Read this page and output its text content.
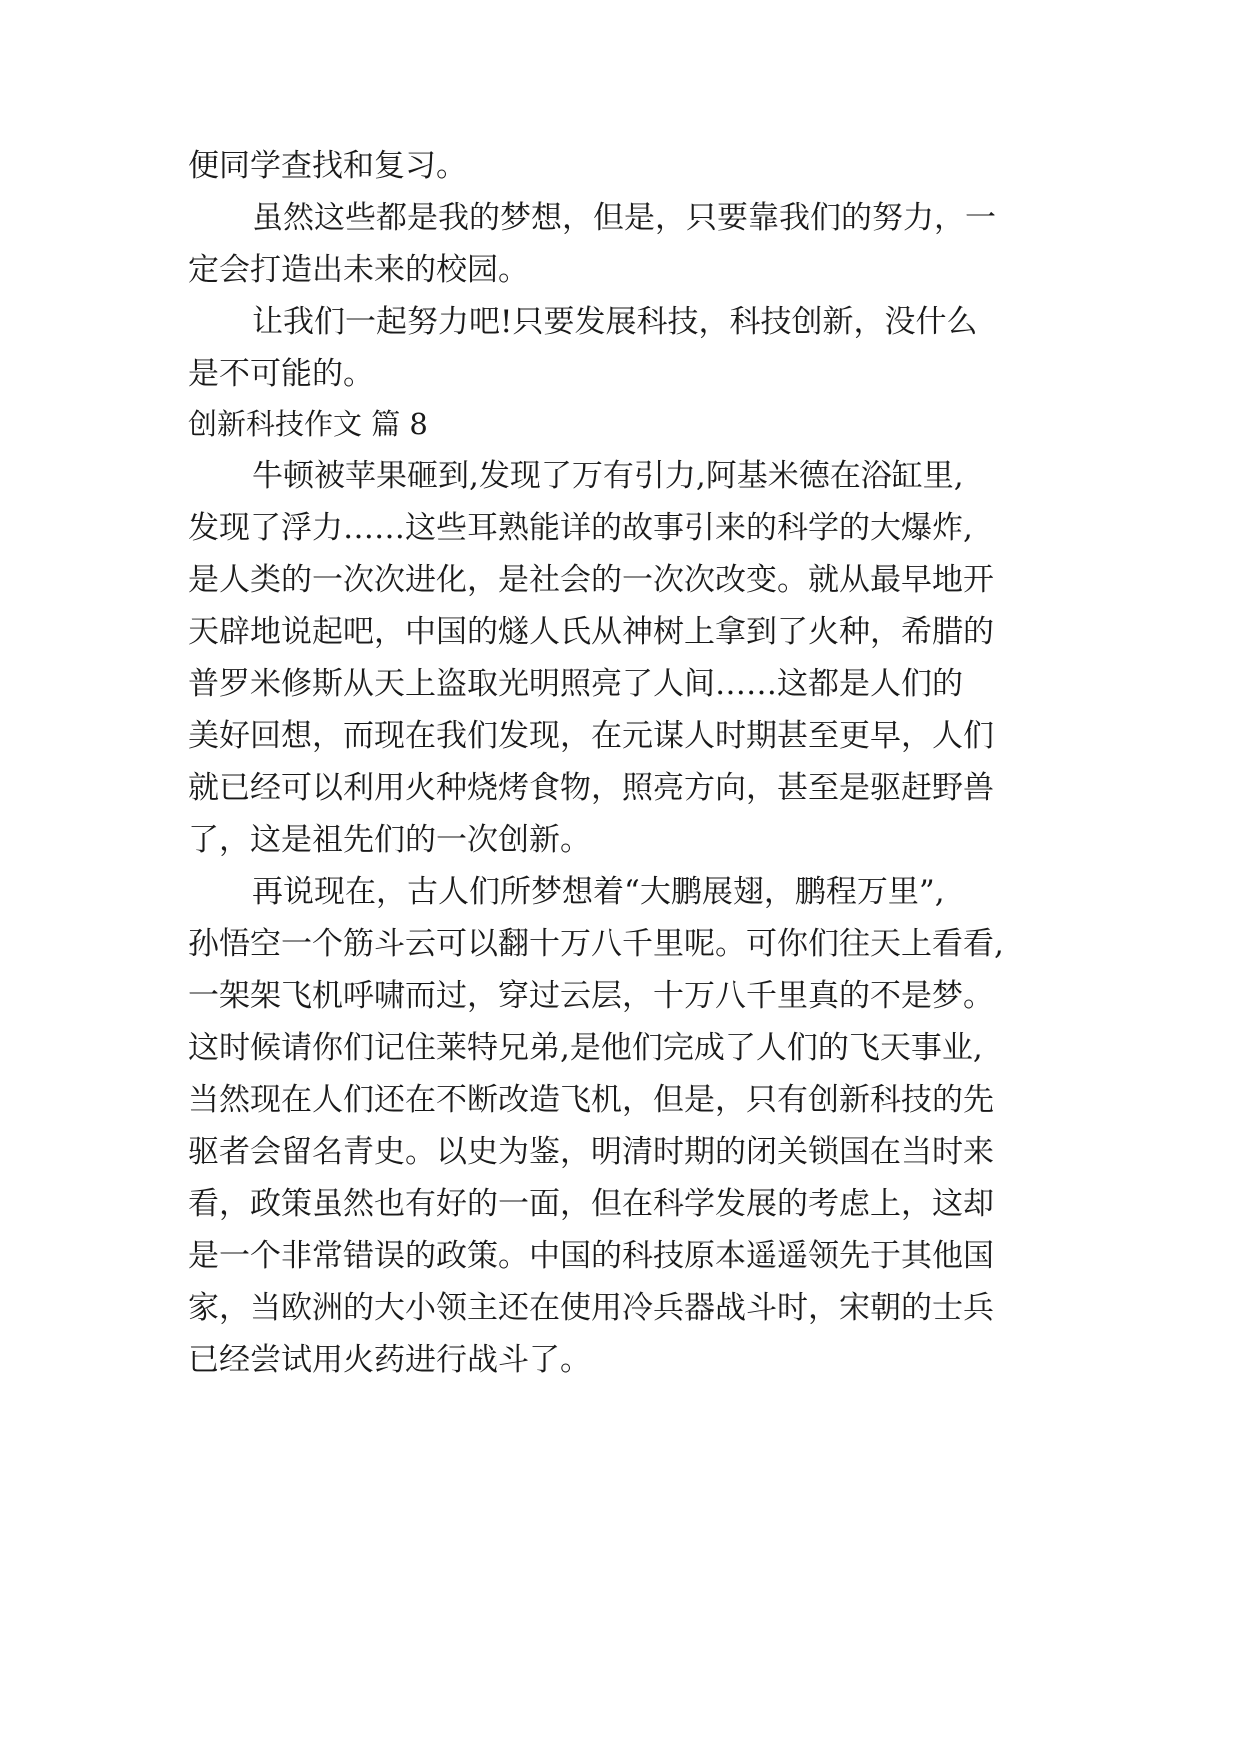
便同学查找和复习。
虽然这些都是我的梦想，但是，只要靠我们的努力，一
定会打造出未来的校园。
让我们一起努力吧!只要发展科技，科技创新，没什么
是不可能的。
创新科技作文 篇 8
牛顿被苹果砸到,发现了万有引力,阿基米德在浴缸里,
发现了浮力……这些耳熟能详的故事引来的科学的大爆炸,
是人类的一次次进化，是社会的一次次改变。就从最早地开
天辟地说起吧，中国的燧人氏从神树上拿到了火种，希腊的
普罗米修斯从天上盗取光明照亮了人间……这都是人们的
美好回想，而现在我们发现，在元谋人时期甚至更早，人们
就已经可以利用火种烧烤食物，照亮方向，甚至是驱赶野兽
了，这是祖先们的一次创新。
再说现在，古人们所梦想着“大鹏展翅，鹏程万里”,
孙悟空一个筋斗云可以翻十万八千里呢。可你们往天上看看,
一架架飞机呼啸而过，穿过云层，十万八千里真的不是梦。
这时候请你们记住莱特兄弟,是他们完成了人们的飞天事业,
当然现在人们还在不断改造飞机，但是，只有创新科技的先
驱者会留名青史。以史为鉴，明清时期的闭关锁国在当时来
看，政策虽然也有好的一面，但在科学发展的考虑上，这却
是一个非常错误的政策。中国的科技原本遥遥领先于其他国
家，当欧洲的大小领主还在使用冷兵器战斗时，宋朝的士兵
已经尝试用火药进行战斗了。
